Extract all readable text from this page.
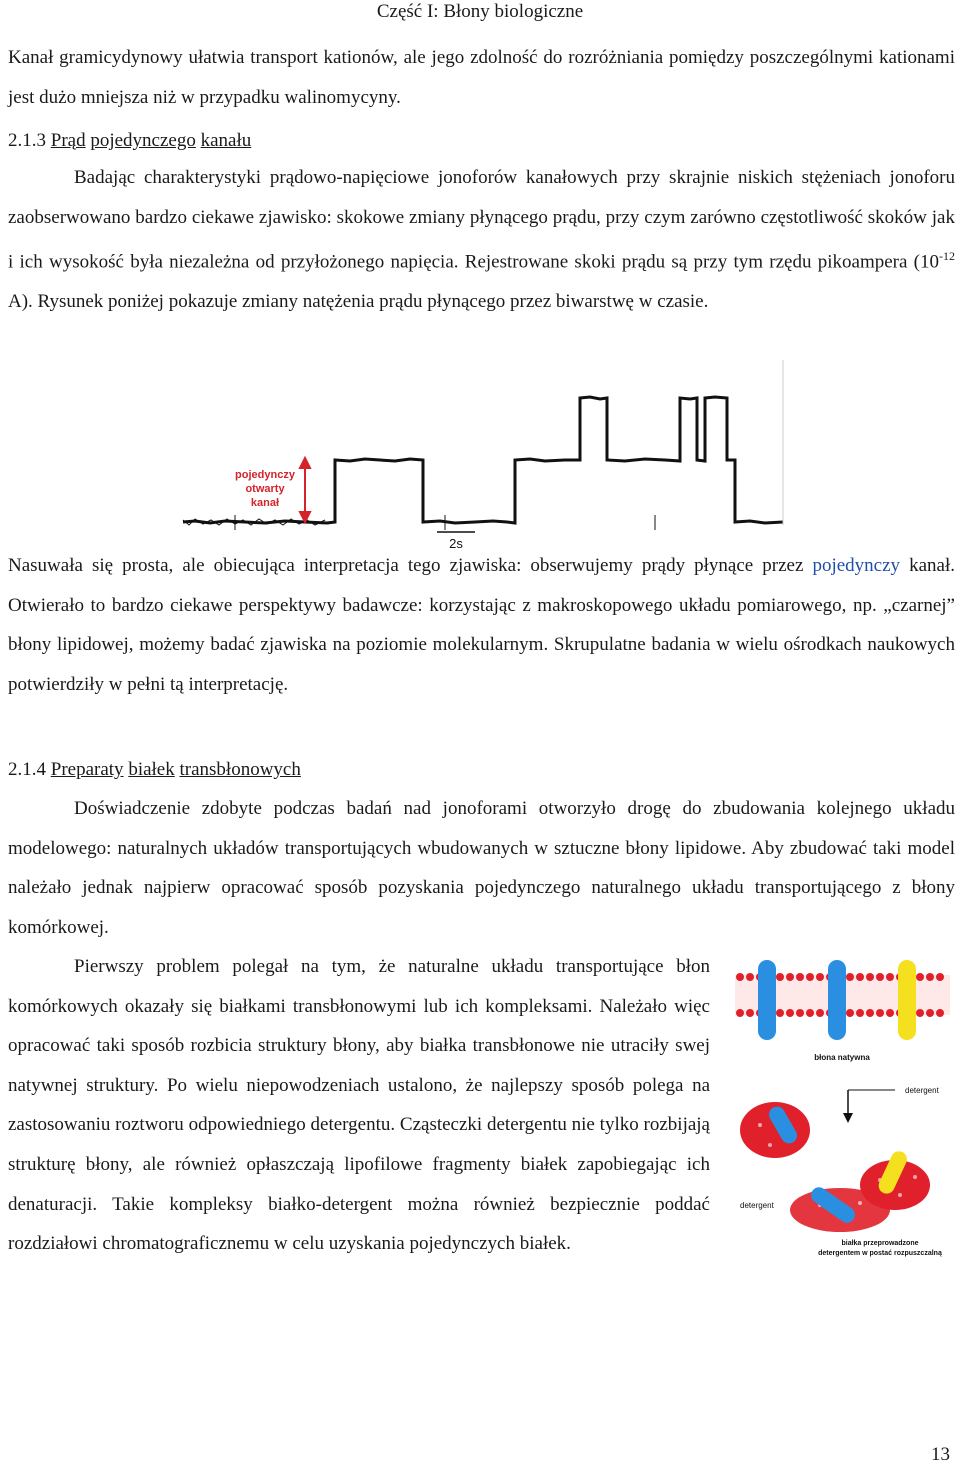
Część I: Błony biologiczne

Kanał gramicydynowy ułatwia transport kationów, ale jego zdolność do rozróżniania pomiędzy poszczególnymi kationami jest dużo mniejsza niż w przypadku walinomycyny.

2.1.3 Prąd pojedynczego kanału

Badając charakterystyki prądowo-napięciowe jonoforów kanałowych przy skrajnie niskich stężeniach jonoforu zaobserwowano bardzo ciekawe zjawisko: skokowe zmiany płynącego prądu, przy czym zarówno częstotliwość skoków jak i ich wysokość była niezależna od przyłożonego napięcia. Rejestrowane skoki prądu są przy tym rzędu pikoampera ($10^{-12}$ A). Rysunek poniżej pokazuje zmiany natężenia prądu płynącego przez biwarstwę w czasie.

pojedynczy
otwarty
kanał
2s

Nasuwała się prosta, ale obiecująca interpretacja tego zjawiska: obserwujemy prądy płynące przez pojedynczy kanał. Otwierało to bardzo ciekawe perspektywy badawcze: korzystając z makroskopowego układu pomiarowego, np. „czarnej” błony lipidowej, możemy badać zjawiska na poziomie molekularnym. Skrupulatne badania w wielu ośrodkach naukowych potwierdziły w pełni tą interpretację.

2.1.4 Preparaty białek transbłonowych

Doświadczenie zdobyte podczas badań nad jonoforami otworzyło drogę do zbudowania kolejnego układu modelowego: naturalnych układów transportujących wbudowanych w sztuczne błony lipidowe. Aby zbudować taki model należało jednak najpierw opracować sposób pozyskania pojedynczego naturalnego układu transportującego z błony komórkowej.

Pierwszy problem polegał na tym, że naturalne układu transportujące błon komórkowych okazały się białkami transbłonowymi lub ich kompleksami. Należało więc opracować taki sposób rozbicia struktury błony, aby białka transbłonowe nie utraciły swej natywnej struktury. Po wielu niepowodzeniach ustalono, że najlepszy sposób polega na zastosowaniu roztworu odpowiedniego detergentu. Cząsteczki detergentu nie tylko rozbijają strukturę błony, ale również opłaszczają lipofilowe fragmenty białek zapobiegając ich denaturacji. Takie kompleksy białko-detergent można również bezpiecznie poddać rozdziałowi chromatograficznemu w celu uzyskania pojedynczych białek.

błona natywna
detergent
detergent
białka przeprowadzone
detergentem w postać rozpuszczalną
13
